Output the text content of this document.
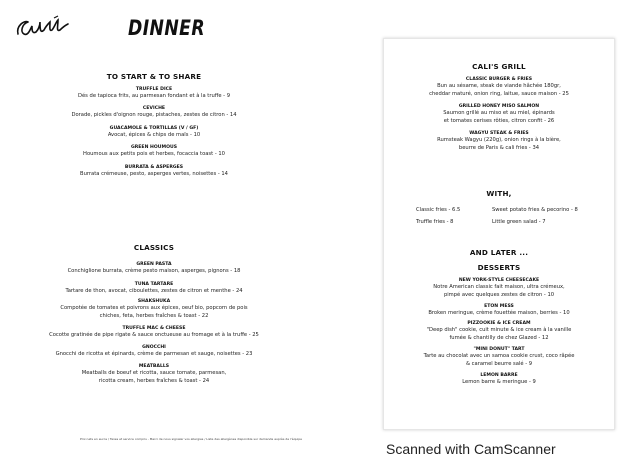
DINNER
TO START & TO SHARE
TRUFFLE DICE
Dés de tapioca frits, au parmesan fondant et à la truffe - 9
CEVICHE
Dorade, pickles d'oignon rouge, pistaches, zestes de citron - 14
GUACAMOLE & TORTILLAS (V / GF)
Avocat, épices & chips de maïs - 10
GREEN HOUMOUS
Houmous aux petits pois et herbes, focaccia toast - 10
BURRATA & ASPERGES
Burrata crémeuse, pesto, asperges vertes, noisettes - 14
CLASSICS
GREEN PASTA
Conchiglione burrata, crème pesto maison, asperges, pignons - 18
TUNA TARTARE
Tartare de thon, avocat, ciboulettes, zestes de citron et menthe - 24
SHAKSHUKA
Compotée de tomates et poivrons aux épices, oeuf bio, popcorn de pois
chiches, feta, herbes fraîches & toast - 22
TRUFFLE MAC & CHEESE
Cocotte gratinée de pipe rigate & sauce onctueuse au fromage et à la truffe - 25
GNOCCHI
Gnocchi de ricotta et épinards, crème de parmesan et sauge, noisettes - 23
MEATBALLS
Meatballs de boeuf et ricotta, sauce tomate, parmesan,
ricotta cream, herbes fraîches & toast - 24
Prix nets en euros / Taxes et service compris - Merci de nous signaler vos allergies / Liste des allergènes disponible sur demande auprès de l'équipe
CALI'S GRILL
CLASSIC BURGER & FRIES
Bun au sésame, steak de viande hâchée 180gr,
cheddar maturé, onion ring, laitue, sauce maison - 25
GRILLED HONEY MISO SALMON
Saumon grillé au miso et au miel, épinards
et tomates cerises rôties, citron confit - 26
WAGYU STEAK & FRIES
Rumsteak Wagyu (220g), onion rings à la bière,
beurre de Paris & cali fries - 34
WITH,
Classic fries - 6.5	Sweet potato fries & pecorino - 8
Truffle fries - 8	Little green salad - 7
AND LATER ...
DESSERTS
NEW YORK-STYLE CHEESECAKE
Notre American classic fait maison, ultra crémeux,
pimpé avec quelques zestes de citron - 10
ETON MESS
Broken meringue, crème fouettée maison, berries - 10
PIZZOOKIE & ICE CREAM
"Deep dish" cookie, cuit minute & ice cream à la vanille
fumée & chantilly de chez Glazed - 12
"MINI DONUT" TART
Tarte au chocolat avec un samoa cookie crust, coco râpée
& caramel beurre salé - 9
LEMON BARRE
Lemon barre & meringue - 9
Scanned with CamScanner
